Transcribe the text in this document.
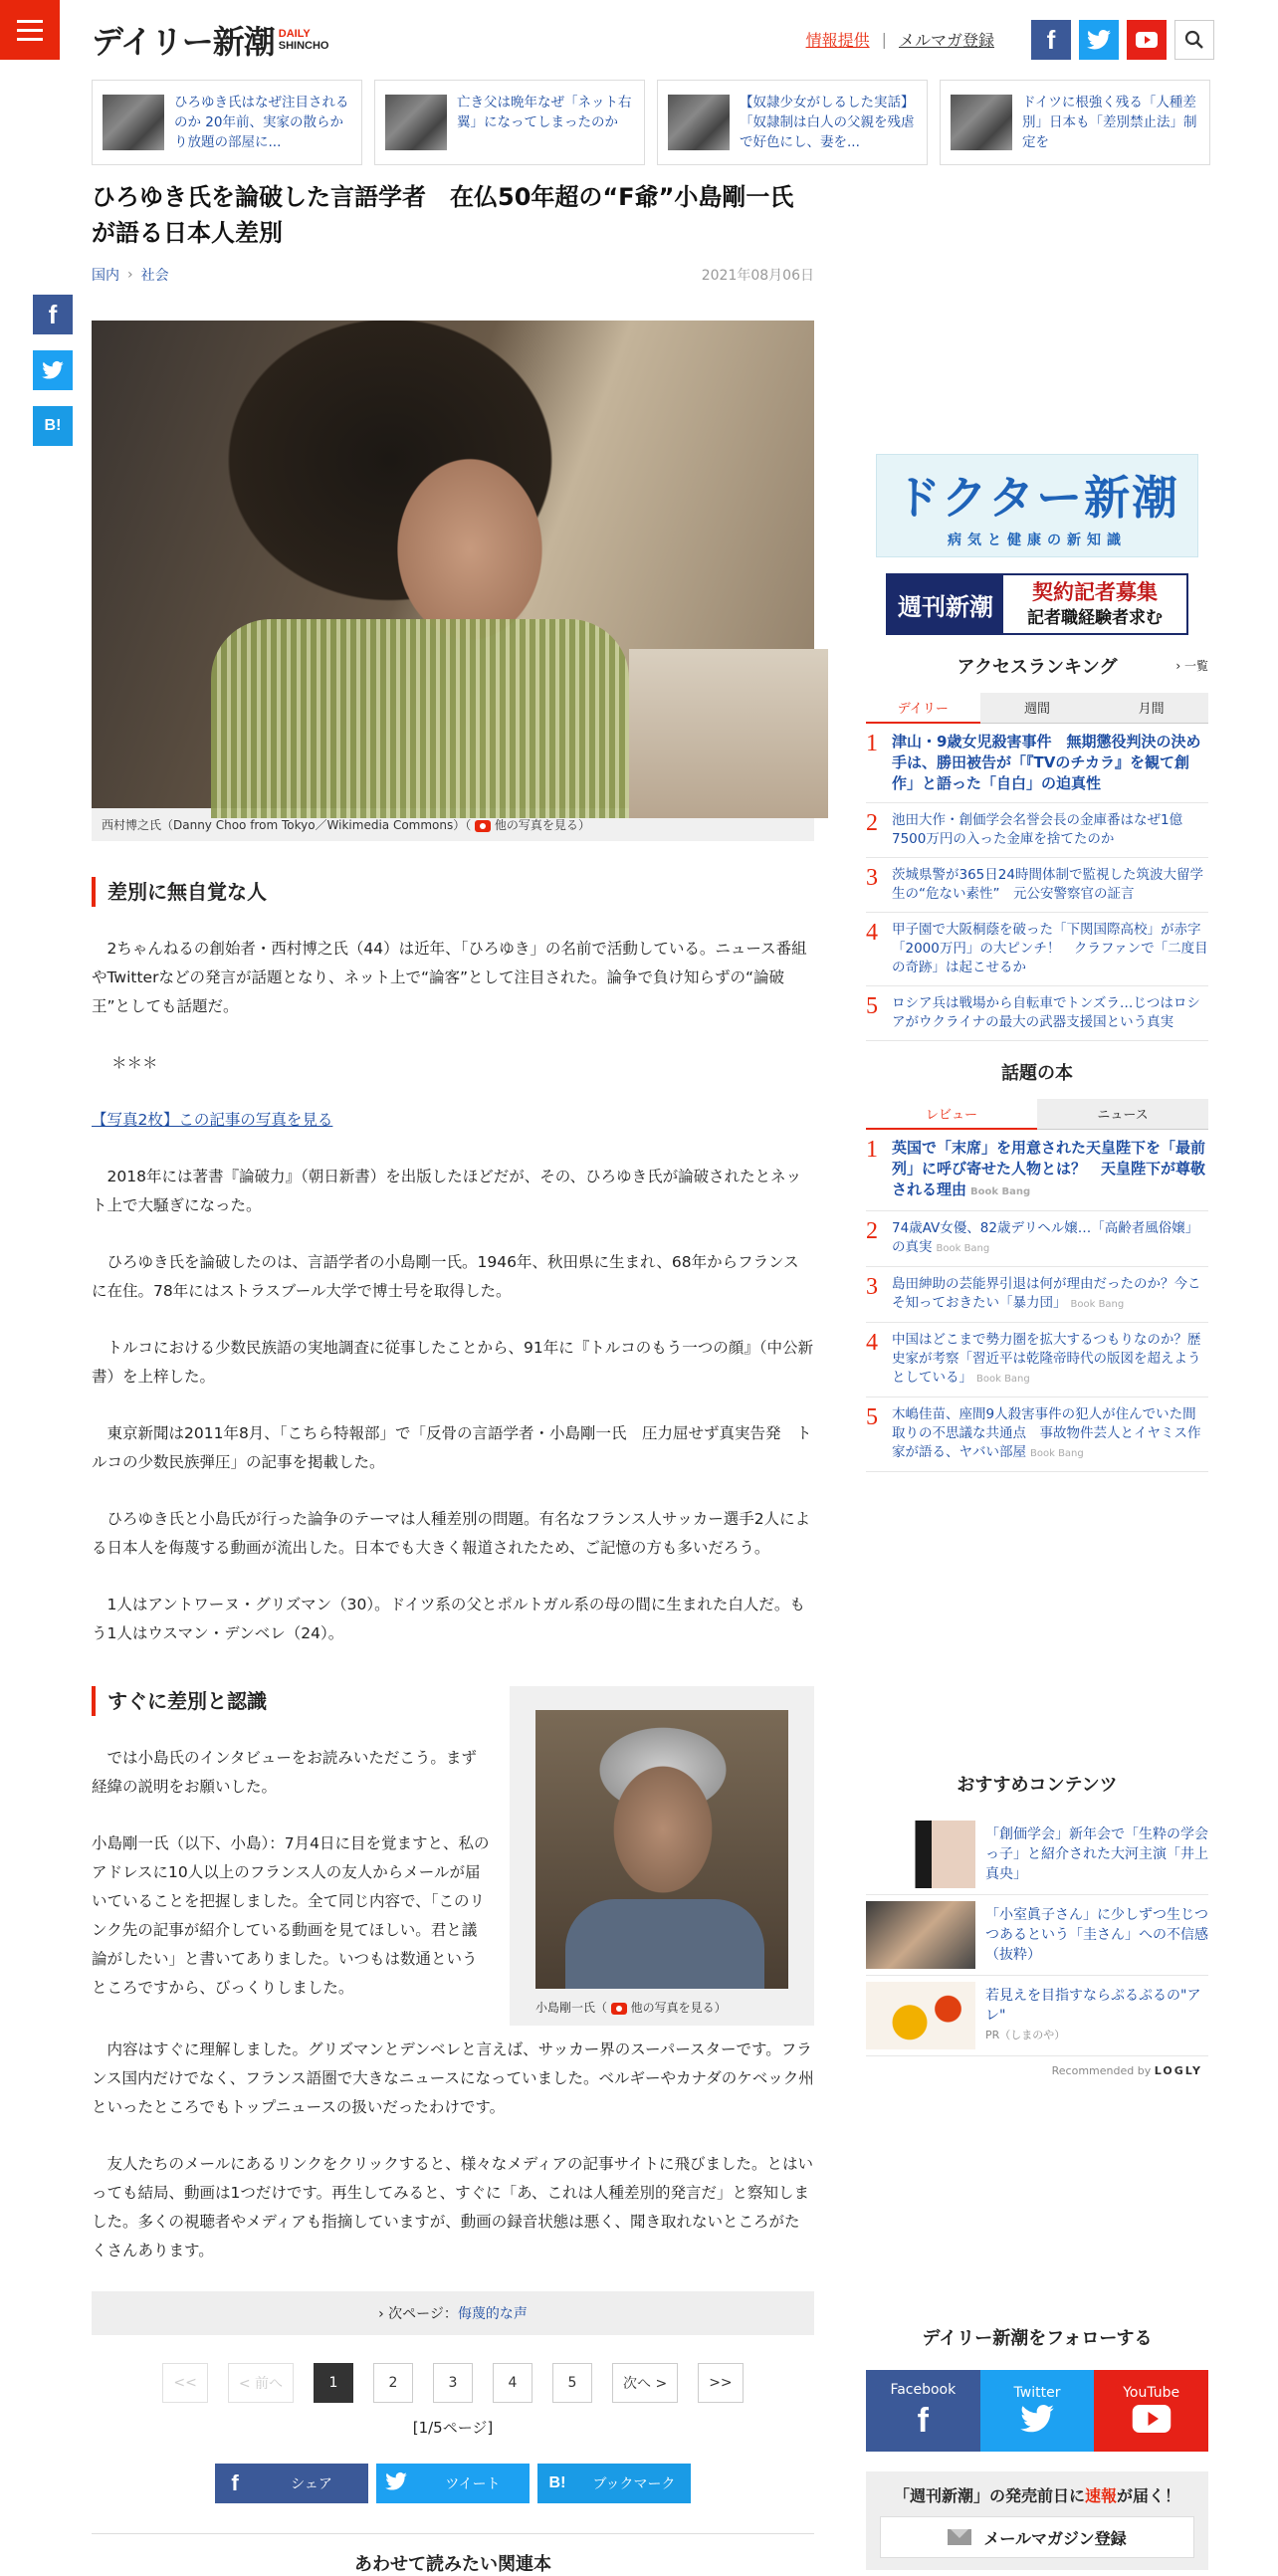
デイリー新潮 DAILY
SHINCHO	情報提供 | メルマガ登録	f

ひろゆき氏はなぜ注目されるのか 20年前、実家の散らかり放題の部屋に...

亡き父は晩年なぜ「ネット右翼」になってしまったのか

【奴隷少女がしるした実話】「奴隷制は白人の父親を残虐で好色にし、妻を...

ドイツに根強く残る「人種差別」日本も「差別禁止法」制定を

f
B!
ひろゆき氏を論破した言語学者　在仏50年超の“F爺”小島剛一氏が語る日本人差別
国内 › 社会	2021年08月06日
西村博之氏（Danny Choo from Tokyo／Wikimedia Commons）（ 他の写真を見る）
差別に無自覚な人

　2ちゃんねるの創始者・西村博之氏（44）は近年、「ひろゆき」の名前で活動している。ニュース番組やTwitterなどの発言が話題となり、ネット上で“論客”として注目された。論争で負け知らずの“論破王”としても話題だ。

＊＊＊

【写真2枚】この記事の写真を見る

　2018年には著書『論破力』（朝日新書）を出版したほどだが、その、ひろゆき氏が論破されたとネット上で大騒ぎになった。

　ひろゆき氏を論破したのは、言語学者の小島剛一氏。1946年、秋田県に生まれ、68年からフランスに在住。78年にはストラスブール大学で博士号を取得した。

　トルコにおける少数民族語の実地調査に従事したことから、91年に『トルコのもう一つの顔』（中公新書）を上梓した。

　東京新聞は2011年8月、「こちら特報部」で「反骨の言語学者・小島剛一氏　圧力屈せず真実告発　トルコの少数民族弾圧」の記事を掲載した。

　ひろゆき氏と小島氏が行った論争のテーマは人種差別の問題。有名なフランス人サッカー選手2人による日本人を侮蔑する動画が流出した。日本でも大きく報道されたため、ご記憶の方も多いだろう。

　1人はアントワーヌ・グリズマン（30）。ドイツ系の父とポルトガル系の母の間に生まれた白人だ。もう1人はウスマン・デンベレ（24）。

小島剛一氏（ 他の写真を見る）
すぐに差別と認識

　では小島氏のインタビューをお読みいただこう。まず経緯の説明をお願いした。

小島剛一氏（以下、小島）：7月4日に目を覚ますと、私のアドレスに10人以上のフランス人の友人からメールが届いていることを把握しました。全て同じ内容で、「このリンク先の記事が紹介している動画を見てほしい。君と議論がしたい」と書いてありました。いつもは数通というところですから、びっくりしました。

　内容はすぐに理解しました。グリズマンとデンベレと言えば、サッカー界のスーパースターです。フランス国内だけでなく、フランス語圏で大きなニュースになっていました。ベルギーやカナダのケベック州といったところでもトップニュースの扱いだったわけです。

　友人たちのメールにあるリンクをクリックすると、様々なメディアの記事サイトに飛びました。とはいっても結局、動画は1つだけです。再生してみると、すぐに「あ、これは人種差別的発言だ」と察知しました。多くの視聴者やメディアも指摘していますが、動画の録音状態は悪く、聞き取れないところがたくさんあります。

› 次ページ：侮蔑的な声
<<	< 前へ	1	2	3	4	5	次へ >	>>
[1/5ページ]
f	シェア	ツイート	B!	ブックマーク
あわせて読みたい関連本
ドクター新潮
病気と健康の新知識
週刊新潮	契約記者募集
記者職経験者求む
アクセスランキング	› 一覧
デイリー	週間	月間
1 津山・9歳女児殺害事件　無期懲役判決の決め手は、勝田被告が「『TVのチカラ』を観て創作」と語った「自白」の迫真性
2 池田大作・創価学会名誉会長の金庫番はなぜ1億7500万円の入った金庫を捨てたのか
3 茨城県警が365日24時間体制で監視した筑波大留学生の“危ない素性”　元公安警察官の証言
4 甲子園で大阪桐蔭を破った「下関国際高校」が赤字「2000万円」の大ピンチ！　クラファンで「二度目の奇跡」は起こせるか
5 ロシア兵は戦場から自転車でトンズラ…じつはロシアがウクライナの最大の武器支援国という真実
話題の本
レビュー	ニュース
1 英国で「末席」を用意された天皇陛下を「最前列」に呼び寄せた人物とは？　天皇陛下が尊敬される理由 Book Bang
2 74歳AV女優、82歳デリヘル嬢…「高齢者風俗嬢」の真実 Book Bang
3 島田紳助の芸能界引退は何が理由だったのか？今こそ知っておきたい「暴力団」 Book Bang
4 中国はどこまで勢力圏を拡大するつもりなのか？歴史家が考察「習近平は乾隆帝時代の版図を超えようとしている」 Book Bang
5 木嶋佳苗、座間9人殺害事件の犯人が住んでいた間取りの不思議な共通点　事故物件芸人とイヤミス作家が語る、ヤバい部屋 Book Bang
おすすめコンテンツ
「創価学会」新年会で「生粋の学会っ子」と紹介された大河主演「井上真央」
「小室眞子さん」に少しずつ生じつつあるという「圭さん」への不信感（抜粋）
若見えを目指すならぷるぷるの"アレ"
PR（しまのや）
Recommended by LOGLY
デイリー新潮をフォローする
Facebook
f
Twitter	YouTube
「週刊新潮」の発売前日に速報が届く！
メールマガジン登録
